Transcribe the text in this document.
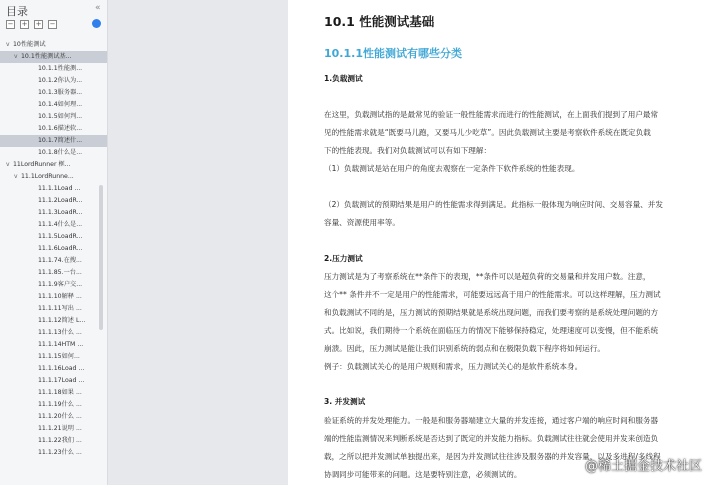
目录	«
− + + −
v 10性能测试
v 10.1性能测试基...
10.1.1性能测...
10.1.2你认为...
10.1.3服务器...
10.1.4如何理...
10.1.5如何判...
10.1.6描述软...
10.1.7简述什...
10.1.8什么是...
v 11LordRunner 框...
v 11.1LordRunne...
11.1.1Load ...
11.1.2LoadR...
11.1.3LoadR...
11.1.4什么是...
11.1.5LoadR...
11.1.6LoadR...
11.1.74.在搜...
11.1.85.一台...
11.1.9客户交...
11.1.10解释 ...
11.1.11写出 ...
11.1.12简述 L...
11.1.13什么 ...
11.1.14HTM ...
11.1.15如何...
11.1.16Load ...
11.1.17Load ...
11.1.18如果 ...
11.1.19什么 ...
11.1.20什么 ...
11.1.21说明 ...
11.1.22我们 ...
11.1.23什么 ...
10.1 性能测试基础
10.1.1性能测试有哪些分类
1.负载测试
在这里，负载测试指的是最常见的验证一般性能需求而进行的性能测试，在上面我们提到了用户最常
见的性能需求就是“既要马儿跑，又要马儿少吃草”。因此负载测试主要是考察软件系统在既定负载
下的性能表现。我们对负载测试可以有如下理解：
（1）负载测试是站在用户的角度去观察在一定条件下软件系统的性能表现。
（2）负载测试的预期结果是用户的性能需求得到满足。此指标一般体现为响应时间、交易容量、并发
容量、资源使用率等。
2.压力测试
压力测试是为了考察系统在**条件下的表现，**条件可以是超负荷的交易量和并发用户数。注意，
这个** 条件并不一定是用户的性能需求，可能要远远高于用户的性能需求。可以这样理解，压力测试
和负载测试不同的是，压力测试的预期结果就是系统出现问题，而我们要考察的是系统处理问题的方
式。比如说，我们期待一个系统在面临压力的情况下能够保持稳定，处理速度可以变慢，但不能系统
崩溃。因此，压力测试是能让我们识别系统的弱点和在极限负载下程序将如何运行。
例子：负载测试关心的是用户规则和需求，压力测试关心的是软件系统本身。
3. 并发测试
验证系统的并发处理能力。一般是和服务器端建立大量的并发连接，通过客户端的响应时间和服务器
端的性能监测情况来判断系统是否达到了既定的并发能力指标。负载测试往往就会使用并发来创造负
载，之所以把并发测试单独提出来，是因为并发测试往往涉及服务器的并发容量，以及多进程/多线程
协调同步可能带来的问题。这是要特别注意，必须测试的。
@稀土掘金技术社区
